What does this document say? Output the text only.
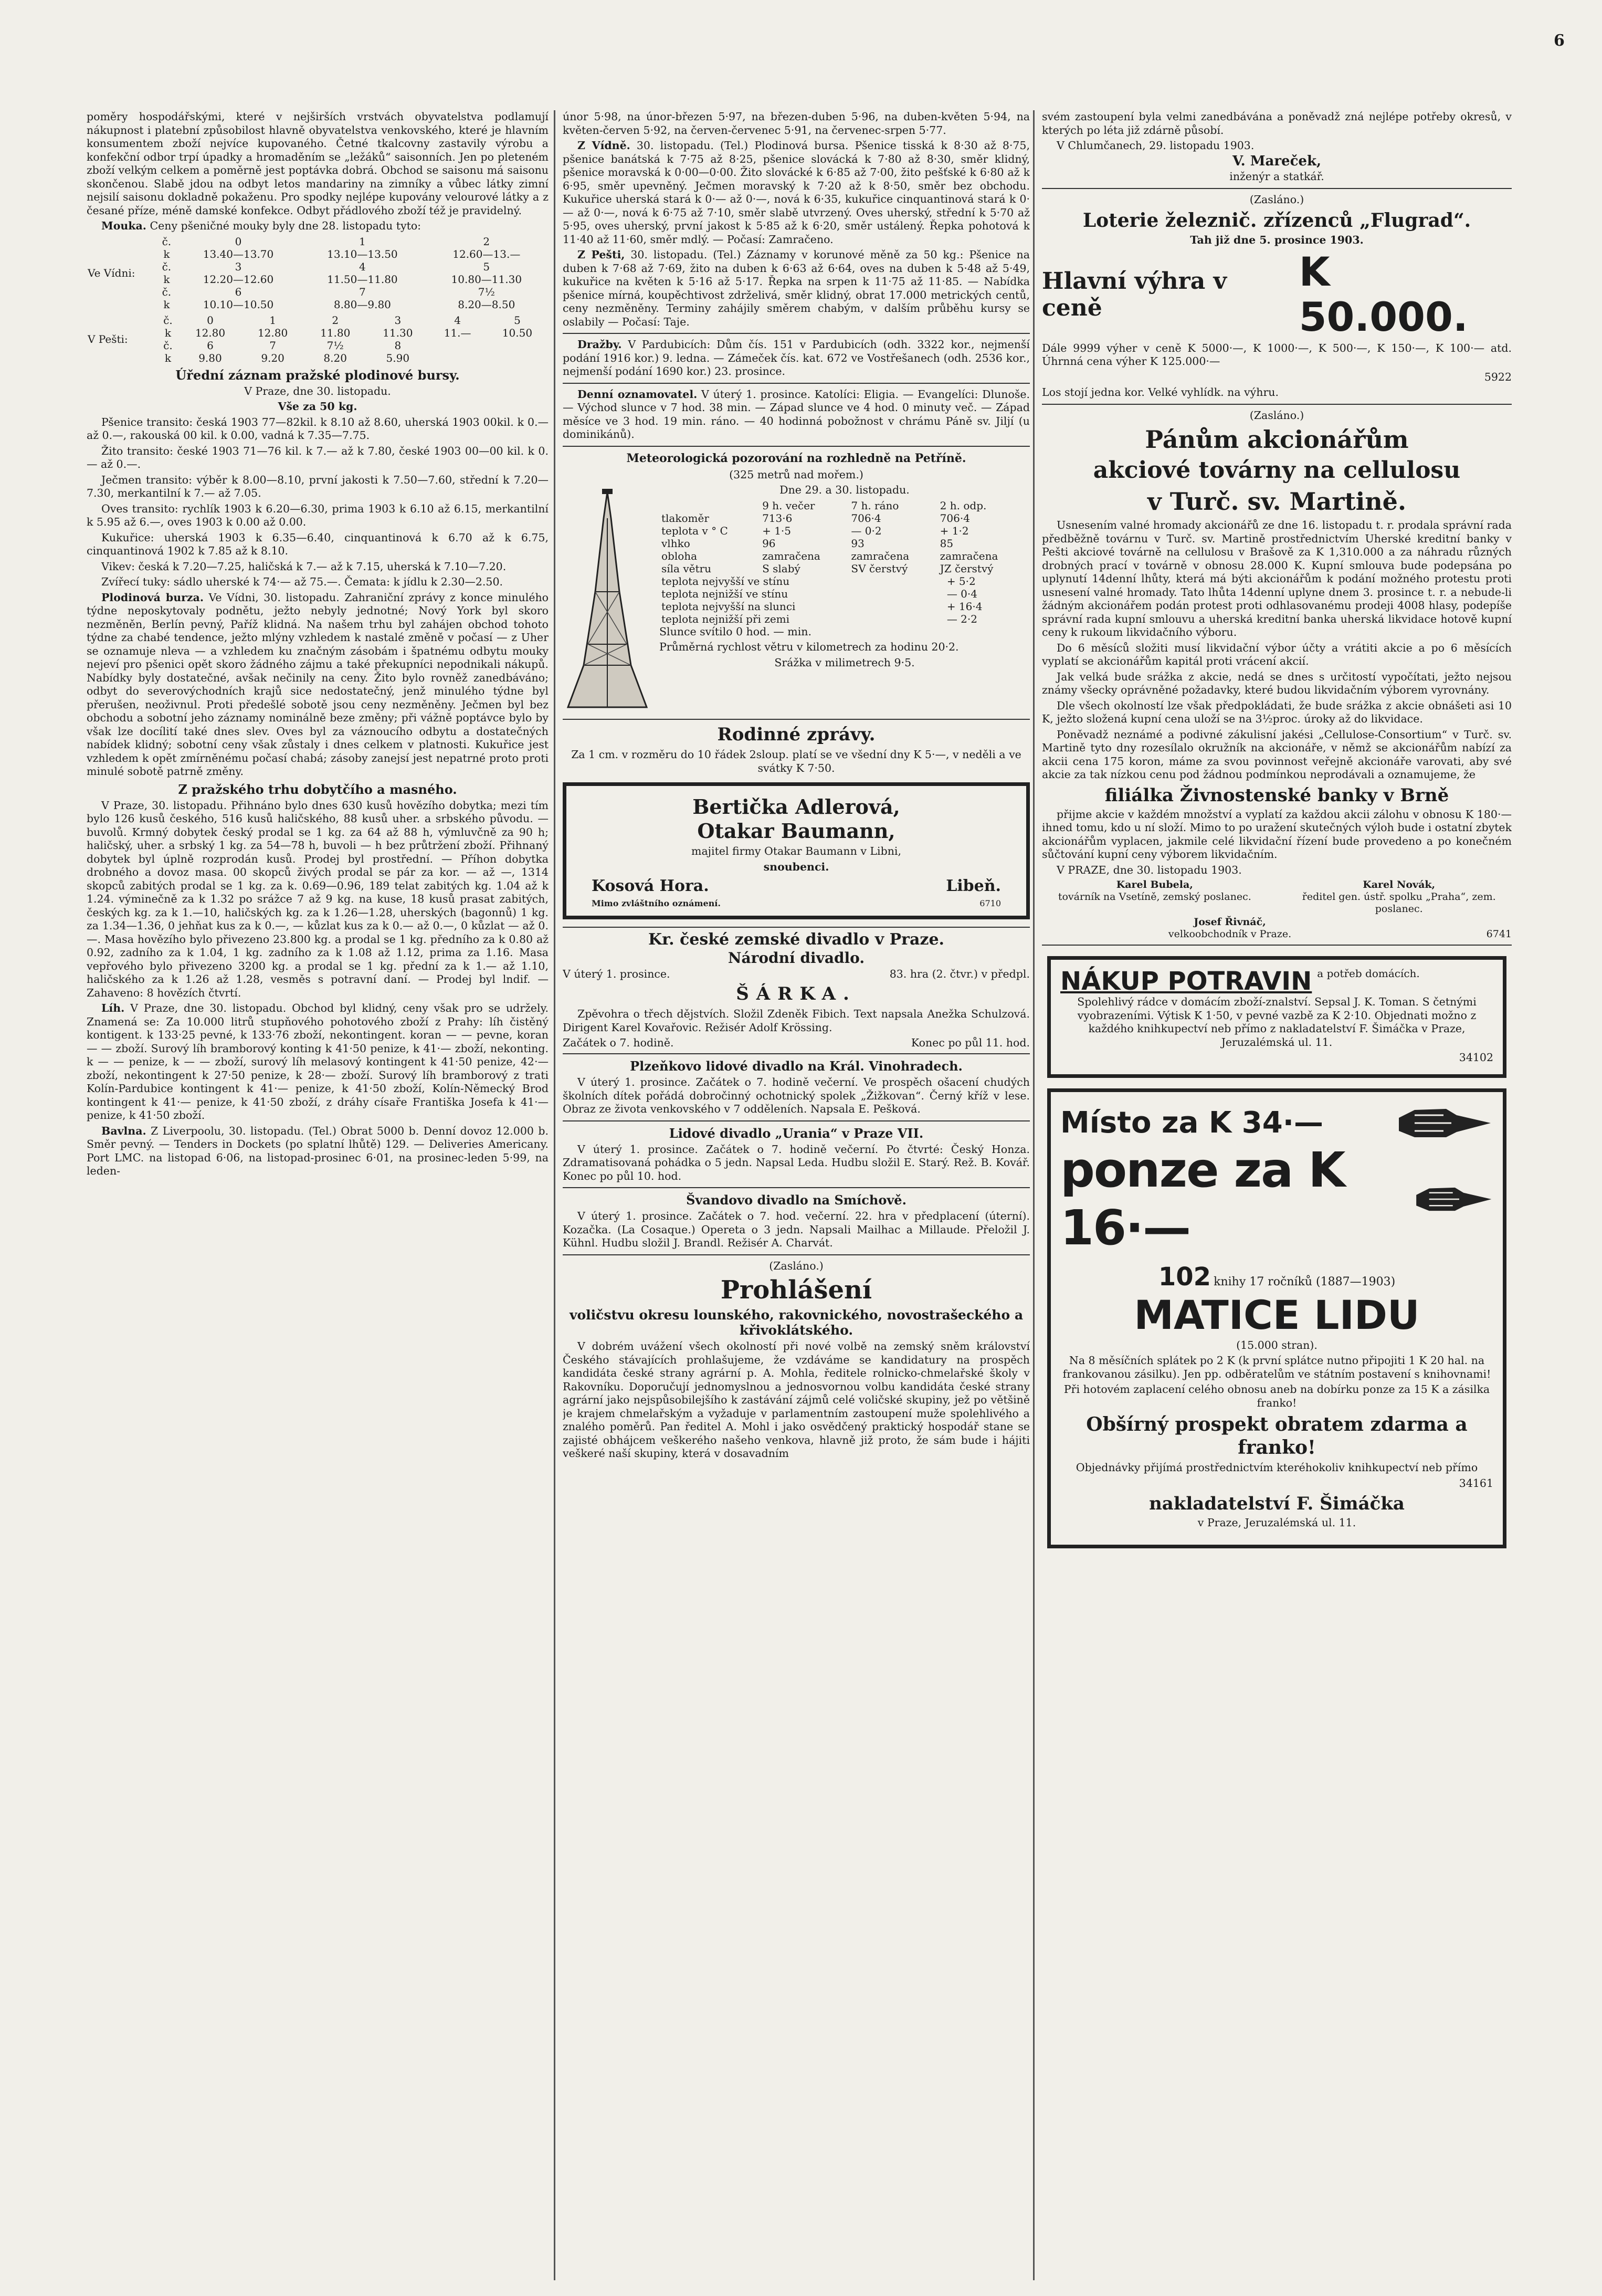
6

poměry hospodářskými, které v nejširších vrstvách obyvatelstva podlamují nákupnost i platební způsobilost hlavně obyvatelstva venkovského, které je hlavním konsumentem zboží nejvíce kupovaného. Četné tkalcovny zastavily výrobu a konfekční odbor trpí úpadky a hromaděním se „ležáků“ saisonních. Jen po pleteném zboží velkým celkem a poměrně jest poptávka dobrá. Obchod se saisonu má saisonu skončenou. Slabě jdou na odbyt letos mandariny na zimníky a vůbec látky zimní nejsilí saisonu dokladně pokaženu. Pro spodky nejlépe kupovány velourové látky a z česané příze, méně damské konfekce. Odbyt přádlového zboží též je pravidelný.

Mouka. Ceny pšeničné mouky byly dne 28. listopadu tyto:

Ve Vídni:	č.	0	1	2
	k	13.40—13.70	13.10—13.50	12.60—13.—
	č.	3	4	5
	k	12.20—12.60	11.50—11.80	10.80—11.30
	č.	6	7	7½
	k	10.10—10.50	8.80—9.80	8.20—8.50
V Pešti:	č.	0	1	2	3	4	5
	k	12.80	12.80	11.80	11.30	11.—	10.50
	č.	6	7	7½	8		
	k	9.80	9.20	8.20	5.90		
Úřední záznam pražské plodinové bursy.

V Praze, dne 30. listopadu.

Vše za 50 kg.

Pšenice transito: česká 1903 77—82kil. k 8.10 až 8.60, uherská 1903 00kil. k 0.—až 0.—, rakouská 00 kil. k 0.00, vadná k 7.35—7.75.

Žito transito: české 1903 71—76 kil. k 7.— až k 7.80, české 1903 00—00 kil. k 0.— až 0.—.

Ječmen transito: výběr k 8.00—8.10, první jakosti k 7.50—7.60, střední k 7.20—7.30, merkantilní k 7.— až 7.05.

Oves transito: rychlík 1903 k 6.20—6.30, prima 1903 k 6.10 až 6.15, merkantilní k 5.95 až 6.—, oves 1903 k 0.00 až 0.00.

Kukuřice: uherská 1903 k 6.35—6.40, cinquantinová k 6.70 až k 6.75, cinquantinová 1902 k 7.85 až k 8.10.

Vikev: česká k 7.20—7.25, haličská k 7.— až k 7.15, uherská k 7.10—7.20.

Zvířecí tuky: sádlo uherské k 74·— až 75.—. Čemata: k jídlu k 2.30—2.50.

Plodinová burza. Ve Vídni, 30. listopadu. Zahraniční zprávy z konce minulého týdne neposkytovaly podnětu, ježto nebyly jednotné; Nový York byl skoro nezměněn, Berlín pevný, Paříž klidná. Na našem trhu byl zahájen obchod tohoto týdne za chabé tendence, ježto mlýny vzhledem k nastalé změně v počasí — z Uher se oznamuje nleva — a vzhledem ku značným zásobám i špatnému odbytu mouky nejeví pro pšenici opět skoro žádného zájmu a také překupníci nepodnikali nákupů. Nabídky byly dostatečné, avšak nečinily na ceny. Žito bylo rovněž zanedbáváno; odbyt do severovýchodních krajů sice nedostatečný, jenž minulého týdne byl přerušen, neoživnul. Proti předešlé sobotě jsou ceny nezměněny. Ječmen byl bez obchodu a sobotní jeho záznamy nominálně beze změny; při vážně poptávce bylo by však lze docílití také dnes slev. Oves byl za váznoucího odbytu a dostatečných nabídek klidný; sobotní ceny však zůstaly i dnes celkem v platnosti. Kukuřice jest vzhledem k opět zmírněnému počasí chabá; zásoby zanejsí jest nepatrné proto proti minulé sobotě patrně změny.

Z pražského trhu dobytčího a masného.

V Praze, 30. listopadu. Přihnáno bylo dnes 630 kusů hovězího dobytka; mezi tím bylo 126 kusů českého, 516 kusů haličského, 88 kusů uher. a srbského původu. — buvolů. Krmný dobytek český prodal se 1 kg. za 64 až 88 h, výmluvčně za 90 h; haličský, uher. a srbský 1 kg. za 54—78 h, buvoli — h bez průtržení zboží. Přihnaný dobytek byl úplně rozprodán kusů. Prodej byl prostřední. — Příhon dobytka drobného a dovoz masa. 00 skopců živých prodal se pár za kor. — až —, 1314 skopců zabitých prodal se 1 kg. za k. 0.69—0.96, 189 telat zabitých kg. 1.04 až k 1.24. výminečně za k 1.32 po srážce 7 až 9 kg. na kuse, 18 kusů prasat zabitých, českých kg. za k 1.—10, haličských kg. za k 1.26—1.28, uherských (bagonnů) 1 kg. za 1.34—1.36, 0 jehňat kus za k 0.—, — kůzlat kus za k 0.— až 0.—, 0 kůzlat — až 0.—. Masa hovězího bylo přivezeno 23.800 kg. a prodal se 1 kg. předního za k 0.80 až 0.92, zadního za k 1.04, 1 kg. zadního za k 1.08 až 1.12, prima za 1.16. Masa vepřového bylo přivezeno 3200 kg. a prodal se 1 kg. přední za k 1.— až 1.10, haličského za k 1.26 až 1.28, vesměs s potravní daní. — Prodej byl lndif. — Zahaveno: 8 hovězích čtvrtí.

Líh. V Praze, dne 30. listopadu. Obchod byl klidný, ceny však pro se udržely. Znamená se: Za 10.000 litrů stupňového pohotového zboží z Prahy: líh čistěný kontigent. k 133·25 pevné, k 133·76 zboží, nekontingent. koran — — pevne, koran — — zboží. Surový líh bramborový konting k 41·50 penize, k 41·— zboží, nekonting. k — — penize, k — — zboží, surový líh melasový kontingent k 41·50 penize, 42·— zboží, nekontingent k 27·50 penize, k 28·— zboží. Surový líh bramborový z trati Kolín-Pardubice kontingent k 41·— penize, k 41·50 zboží, Kolín-Německý Brod kontingent k 41·— penize, k 41·50 zboží, z dráhy císaře Františka Josefa k 41·— penize, k 41·50 zboží.

Bavlna. Z Liverpoolu, 30. listopadu. (Tel.) Obrat 5000 b. Denní dovoz 12.000 b. Směr pevný. — Tenders in Dockets (po splatní lhůtě) 129. — Deliveries Americany. Port LMC. na listopad 6·06, na listopad-prosinec 6·01, na prosinec-leden 5·99, na leden-

únor 5·98, na únor-březen 5·97, na březen-duben 5·96, na duben-květen 5·94, na květen-červen 5·92, na červen-červenec 5·91, na červenec-srpen 5·77.

Z Vídně. 30. listopadu. (Tel.) Plodinová bursa. Pšenice tisská k 8·30 až 8·75, pšenice banátská k 7·75 až 8·25, pšenice slovácká k 7·80 až 8·30, směr klidný, pšenice moravská k 0·00—0·00. Žito slovácké k 6·85 až 7·00, žito pešťské k 6·80 až k 6·95, směr upevněný. Ječmen moravský k 7·20 až k 8·50, směr bez obchodu. Kukuřice uherská stará k 0·— až 0·—, nová k 6·35, kukuřice cinquantinová stará k 0·— až 0·—, nová k 6·75 až 7·10, směr slabě utvrzený. Oves uherský, střední k 5·70 až 5·95, oves uherský, první jakost k 5·85 až k 6·20, směr ustálený. Řepka pohotová k 11·40 až 11·60, směr mdlý. — Počasí: Zamračeno.

Z Pešti, 30. listopadu. (Tel.) Záznamy v korunové měně za 50 kg.: Pšenice na duben k 7·68 až 7·69, žito na duben k 6·63 až 6·64, oves na duben k 5·48 až 5·49, kukuřice na květen k 5·16 až 5·17. Řepka na srpen k 11·75 až 11·85. — Nabídka pšenice mírná, koupěchtivost zdrželivá, směr klidný, obrat 17.000 metrických centů, ceny nezměněny. Terminy zahájily směrem chabým, v dalším průběhu kursy se oslabily — Počasí: Taje.

Dražby. V Pardubicích: Dům čís. 151 v Pardubicích (odh. 3322 kor., nejmenší podání 1916 kor.) 9. ledna. — Zámeček čís. kat. 672 ve Vostřešanech (odh. 2536 kor., nejmenší podání 1690 kor.) 23. prosince.

Denní oznamovatel. V úterý 1. prosince. Katolíci: Eligia. — Evangelíci: Dlunoše. — Východ slunce v 7 hod. 38 min. — Západ slunce ve 4 hod. 0 minuty več. — Západ měsíce ve 3 hod. 19 min. ráno. — 40 hodinná pobožnost v chrámu Páně sv. Jiljí (u dominikánů).

Meteorologická pozorování na rozhledně na Petříně.

(325 metrů nad mořem.)

Dne 29. a 30. listopadu.

	9 h. večer	7 h. ráno	2 h. odp.
tlakoměr	713·6	706·4	706·4
teplota v ° C	+ 1·5	— 0·2	+ 1·2
vlhko	96	93	85
obloha	zamračena	zamračena	zamračena
síla větru	S slabý	SV čerstvý	JZ čerstvý
teplota nejvyšší ve stínu	+ 5·2
teplota nejnižší ve stínu	— 0·4
teplota nejvyšší na slunci	+ 16·4
teplota nejnižší při zemi	— 2·2

Slunce svítilo 0 hod. — min.

Průměrná rychlost větru v kilometrech za hodinu 20·2.

Srážka v milimetrech 9·5.

Rodinné zprávy.

Za 1 cm. v rozměru do 10 řádek 2sloup. platí se ve všední dny K 5·—, v neděli a ve svátky K 7·50.

Bertička Adlerová,
Otakar Baumann,

majitel firmy Otakar Baumann v Libni,

snoubenci.

Kosová Hora.	Libeň.
Mimo zvláštního oznámení.	6710
Kr. české zemské divadlo v Praze.
Národní divadlo.
V úterý 1. prosince.	83. hra (2. čtvr.) v předpl.
ŠÁRKA.

Zpěvohra o třech dějstvích. Složil Zdeněk Fibich. Text napsala Anežka Schulzová. Dirigent Karel Kovařovic. Režisér Adolf Krössing.

Začátek o 7. hodině.	Konec po půl 11. hod.
Plzeňkovo lidové divadlo na Král. Vinohradech.

V úterý 1. prosince. Začátek o 7. hodině večerní. Ve prospěch ošacení chudých školních dítek pořádá dobročinný ochotnický spolek „Žižkovan“. Černý kříž v lese. Obraz ze života venkovského v 7 odděleních. Napsala E. Pešková.

Lidové divadlo „Urania“ v Praze VII.

V úterý 1. prosince. Začátek o 7. hodině večerní. Po čtvrté: Český Honza. Zdramatisovaná pohádka o 5 jedn. Napsal Leda. Hudbu složil E. Starý. Rež. B. Kovář. Konec po půl 10. hod.

Švandovo divadlo na Smíchově.

V úterý 1. prosince. Začátek o 7. hod. večerní. 22. hra v předplacení (úterní). Kozačka. (La Cosaque.) Opereta o 3 jedn. Napsali Mailhac a Millaude. Přeložil J. Kühnl. Hudbu složil J. Brandl. Režisér A. Charvát.

(Zasláno.)

Prohlášení
voličstvu okresu lounského, rakovnického, novostrašeckého a křivoklátského.

V dobrém uvážení všech okolností při nové volbě na zemský sněm království Českého stávajících prohlašujeme, že vzdáváme se kandidatury na prospěch kandidáta české strany agrární p. A. Mohla, ředitele rolnicko-chmelařské školy v Rakovníku. Doporučují jednomyslnou a jednosvornou volbu kandidáta české strany agrární jako nejspůsobilejšího k zastávání zájmů celé voličské skupiny, jež po většině je krajem chmelařským a vyžaduje v parlamentním zastoupení muže spolehlivého a znalého poměrů. Pan ředitel A. Mohl i jako osvědčený praktický hospodář stane se zajisté obhájcem veškerého našeho venkova, hlavně již proto, že sám bude i hájiti veškeré naší skupiny, která v dosavadním

svém zastoupení byla velmi zanedbávána a poněvadž zná nejlépe potřeby okresů, v kterých po léta již zdárně působí.

V Chlumčanech, 29. listopadu 1903.

V. Mareček,

inženýr a statkář.

(Zasláno.)

Loterie železnič. zřízenců „Flugrad“.

Tah již dne 5. prosince 1903.

Hlavní výhra v ceně
K 50.000.

Dále 9999 výher v ceně K 5000·—, K 1000·—, K 500·—, K 150·—, K 100·— atd. Úhrnná cena výher K 125.000·—

5922

Los stojí jedna kor. Velké vyhlídk. na výhru.

(Zasláno.)

Pánům akcionářům
akciové továrny na cellulosu
v Turč. sv. Martině.

Usnesením valné hromady akcionářů ze dne 16. listopadu t. r. prodala správní rada předběžně továrnu v Turč. sv. Martině prostřednictvím Uherské kreditní banky v Pešti akciové továrně na cellulosu v Brašově za K 1,310.000 a za náhradu různých drobných prací v továrně v obnosu 28.000 K. Kupní smlouva bude podepsána po uplynutí 14denní lhůty, která má býti akcionářům k podání možného protestu proti usnesení valné hromady. Tato lhůta 14denní uplyne dnem 3. prosince t. r. a nebude-li žádným akcionářem podán protest proti odhlasovanému prodeji 4008 hlasy, podepíše správní rada kupní smlouvu a uherská kreditní banka uherská likvidace hotově kupní ceny k rukoum likvidačního výboru.

Do 6 měsíců složiti musí likvidační výbor účty a vrátiti akcie a po 6 měsících vyplatí se akcionářům kapitál proti vrácení akcií.

Jak velká bude srážka z akcie, nedá se dnes s určitostí vypočítati, ježto nejsou známy všecky oprávněné požadavky, které budou likvidačním výborem vyrovnány.

Dle všech okolností lze však předpokládati, že bude srážka z akcie obnášeti asi 10 K, ježto složená kupní cena uloží se na 3½proc. úroky až do likvidace.

Poněvadž neznámé a podivné zákulisní jakési „Cellulose-Consortium“ v Turč. sv. Martině tyto dny rozesílalo okružník na akcionáře, v němž se akcionářům nabízí za akcii cena 175 koron, máme za svou povinnost veřejně akcionáře varovati, aby své akcie za tak nízkou cenu pod žádnou podmínkou neprodávali a oznamujeme, že

filiálka Živnostenské banky v Brně

přijme akcie v každém množství a vyplatí za každou akcii zálohu v obnosu K 180·— ihned tomu, kdo u ní složí. Mimo to po uražení skutečných výloh bude i ostatní zbytek akcionářům vyplacen, jakmile celé likvidační řízení bude provedeno a po konečném sůčtování kupní ceny výborem likvidačním.

V PRAZE, dne 30. listopadu 1903.

Karel Bubela,
továrník na Vsetíně, zemský poslanec.
Karel Novák,
ředitel gen. ústř. spolku „Praha“, zem. poslanec.
Josef Řivnáč,
velkoobchodník v Praze.	6741
NÁKUP POTRAVIN a potřeb domácích.

Spolehlivý rádce v domácím zboží-znalství. Sepsal J. K. Toman. S četnými vyobrazeními. Výtisk K 1·50, v pevné vazbě za K 2·10. Objednati možno z každého knihkupectví neb přímo z nakladatelství F. Šimáčka v Praze, Jeruzalémská ul. 11.

34102

Místo za K 34·—
ponze za K 16·—
102 knihy 17 ročníků (1887—1903)
MATICE LIDU

(15.000 stran).

Na 8 měsíčních splátek po 2 K (k první splátce nutno připojiti 1 K 20 hal. na frankovanou zásilku). Jen pp. odběratelům ve státním postavení s knihovnami!

Při hotovém zaplacení celého obnosu aneb na dobírku ponze za 15 K a zásilka franko!

Obšírný prospekt obratem zdarma a franko!

Objednávky přijímá prostřednictvím kteréhokoliv knihkupectví neb přímo

34161

nakladatelství F. Šimáčka

v Praze, Jeruzalémská ul. 11.
